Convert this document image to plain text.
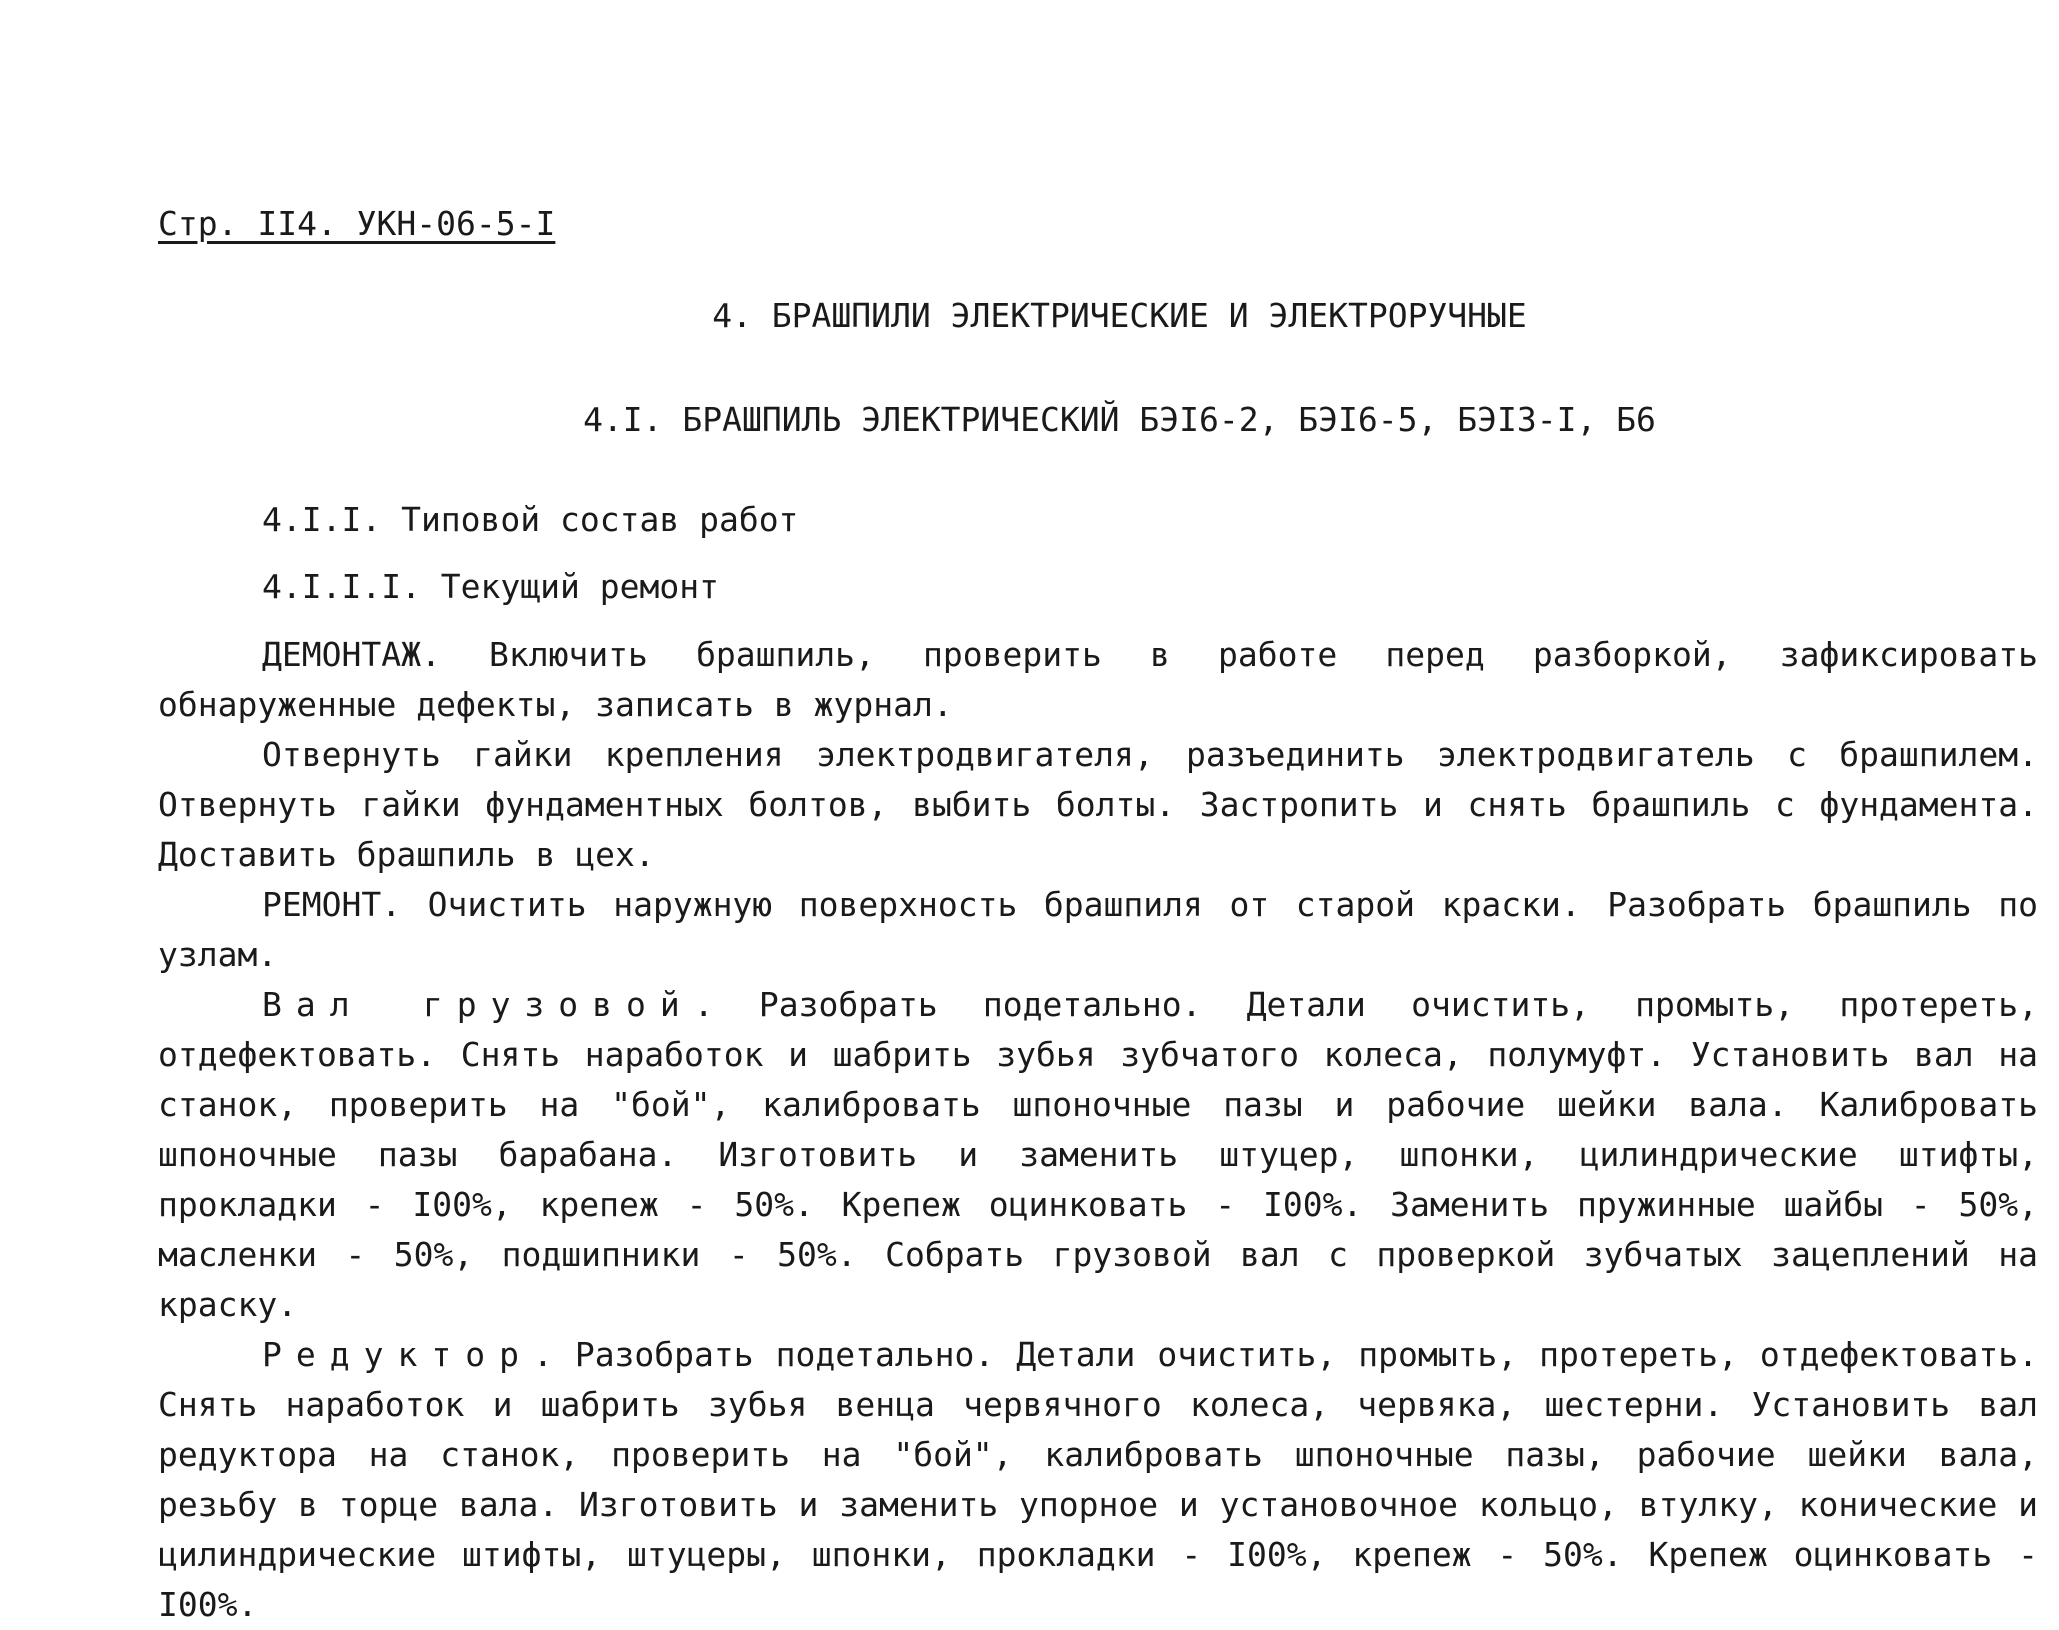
Стр. II4. УКН-06-5-I
4. БРАШПИЛИ ЭЛЕКТРИЧЕСКИЕ И ЭЛЕКТРОРУЧНЫЕ
4.I. БРАШПИЛЬ ЭЛЕКТРИЧЕСКИЙ БЭI6-2, БЭI6-5, БЭI3-I, Б6
4.I.I. Типовой состав работ
4.I.I.I. Текущий ремонт

ДЕМОНТАЖ. Включить брашпиль, проверить в работе перед разборкой, зафиксировать обнаруженные дефекты, записать в журнал.

Отвернуть гайки крепления электродвигателя, разъединить электродвигатель с брашпилем. Отвернуть гайки фундаментных болтов, выбить болты. Застропить и снять брашпиль с фундамента. Доставить брашпиль в цех.

РЕМОНТ. Очистить наружную поверхность брашпиля от старой краски. Разобрать брашпиль по узлам.

Вал грузовой. Разобрать подетально. Детали очистить, промыть, протереть, отдефектовать. Снять наработок и шабрить зубья зубчатого колеса, полумуфт. Установить вал на станок, проверить на "бой", калибровать шпоночные пазы и рабочие шейки вала. Калибровать шпоночные пазы барабана. Изготовить и заменить штуцер, шпонки, цилиндрические штифты, прокладки - I00%, крепеж - 50%. Крепеж оцинковать - I00%. Заменить пружинные шайбы - 50%, масленки - 50%, подшипники - 50%. Собрать грузовой вал с проверкой зубчатых зацеплений на краску.

Редуктор. Разобрать подетально. Детали очистить, промыть, протереть, отдефектовать. Снять наработок и шабрить зубья венца червячного колеса, червяка, шестерни. Установить вал редуктора на станок, проверить на "бой", калибровать шпоночные пазы, рабочие шейки вала, резьбу в торце вала. Изготовить и заменить упорное и установочное кольцо, втулку, конические и цилиндрические штифты, штуцеры, шпонки, прокладки - I00%, крепеж - 50%. Крепеж оцинковать - I00%.
